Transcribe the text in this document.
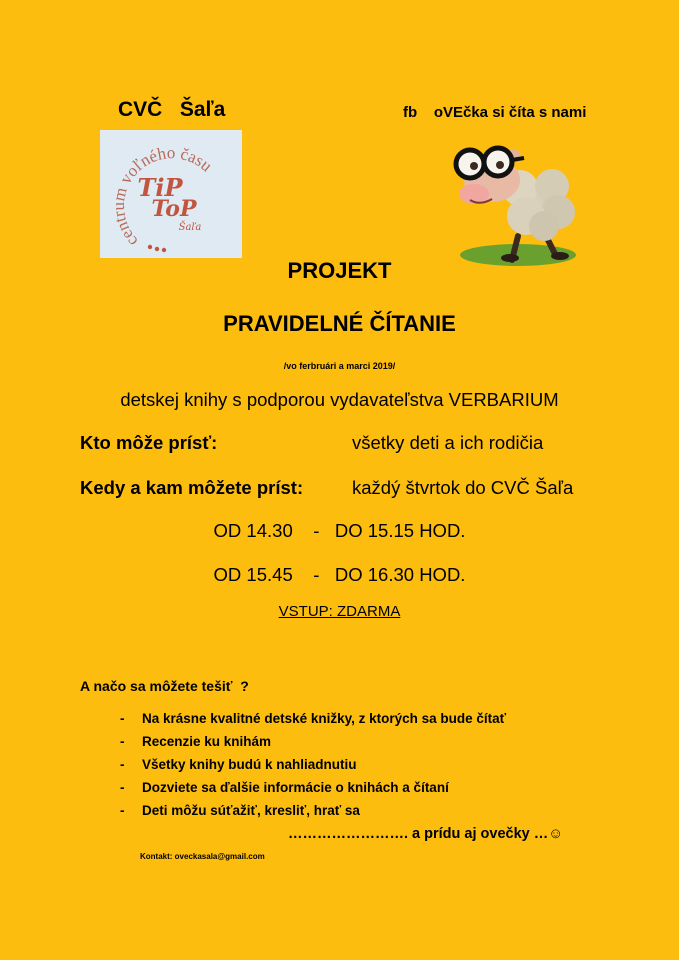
CVČ   Šaľa	fb    oVEčka si číta s nami
centrum voľného času
TiP
ToP
Šaľa
PROJEKT
PRAVIDELNÉ ČÍTANIE
/vo ferbruári a marci 2019/
detskej knihy s podporou vydavateľstva VERBARIUM
Kto môže prísť:	všetky deti a ich rodičia
Kedy a kam môžete príst:	každý štvrtok do CVČ Šaľa
OD 14.30    -   DO 15.15 HOD.
OD 15.45    -   DO 16.30 HOD.
VSTUP: ZDARMA
A načo sa môžete tešiť  ?
- Na krásne kvalitné detské knižky, z ktorých sa bude čítať
- Recenzie ku knihám
- Všetky knihy budú k nahliadnutiu
- Dozviete sa ďalšie informácie o knihách a čítaní
- Deti môžu súťažiť, kresliť, hrať sa
……………………. a prídu aj ovečky …☺
Kontakt: oveckasala@gmail.com
